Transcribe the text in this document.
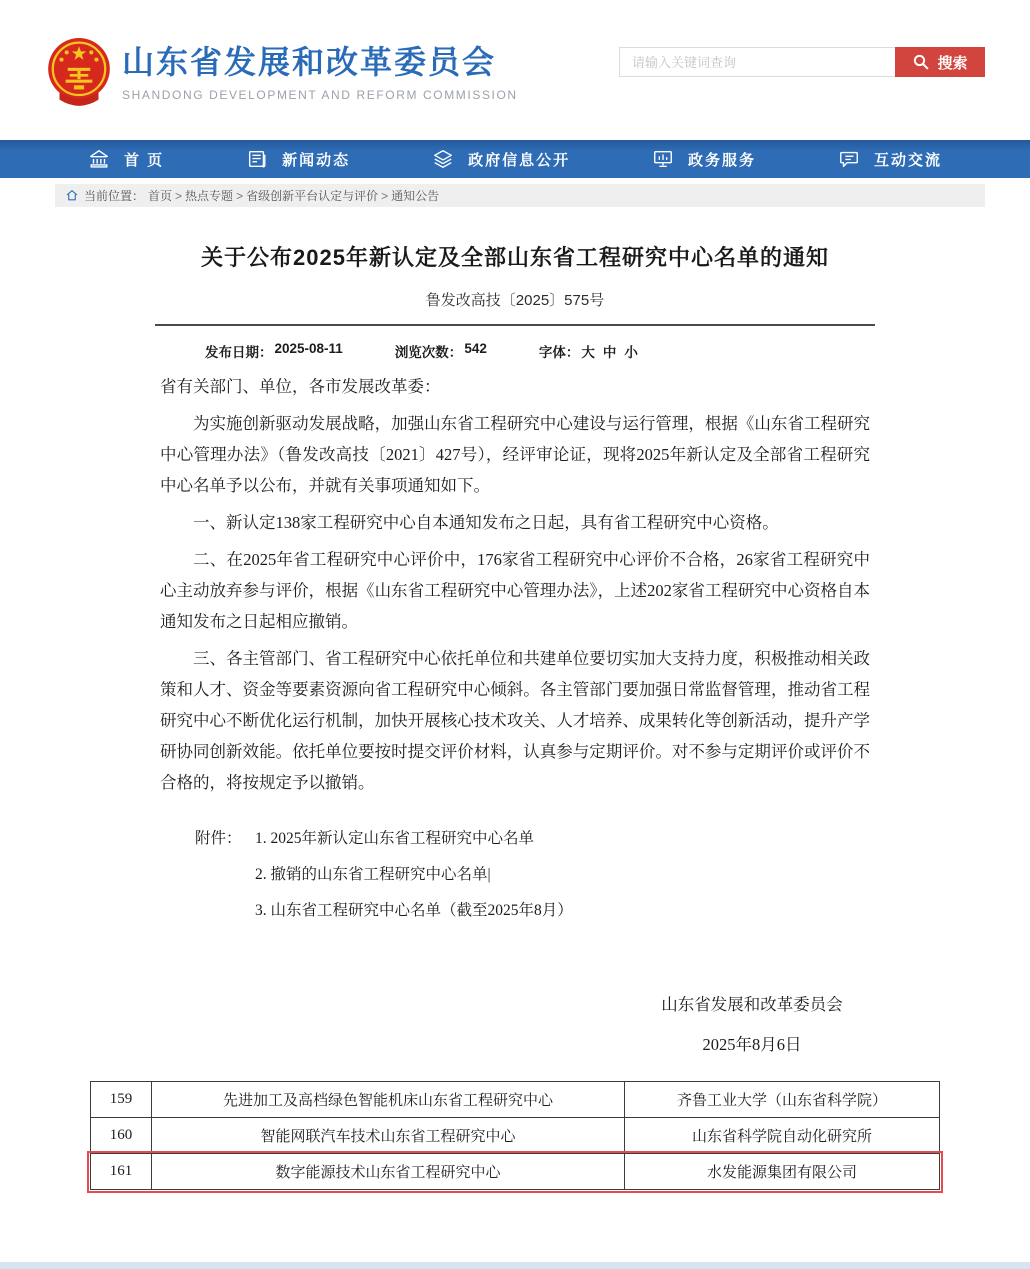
山东省发展和改革委员会
SHANDONG DEVELOPMENT AND REFORM COMMISSION
请输入关键词查询
搜索
首 页	新闻动态	政府信息公开	政务服务	互动交流
当前位置： 首页 > 热点专题 > 省级创新平台认定与评价 > 通知公告
关于公布2025年新认定及全部山东省工程研究中心名单的通知
鲁发改高技〔2025〕575号
发布日期： 2025-08-11	浏览次数： 542	字体： 大 中 小

省有关部门、单位，各市发展改革委：

为实施创新驱动发展战略，加强山东省工程研究中心建设与运行管理，根据《山东省工程研究中心管理办法》（鲁发改高技〔2021〕427号），经评审论证，现将2025年新认定及全部省工程研究中心名单予以公布，并就有关事项通知如下。

一、新认定138家工程研究中心自本通知发布之日起，具有省工程研究中心资格。

二、在2025年省工程研究中心评价中，176家省工程研究中心评价不合格，26家省工程研究中心主动放弃参与评价，根据《山东省工程研究中心管理办法》，上述202家省工程研究中心资格自本通知发布之日起相应撤销。

三、各主管部门、省工程研究中心依托单位和共建单位要切实加大支持力度，积极推动相关政策和人才、资金等要素资源向省工程研究中心倾斜。各主管部门要加强日常监督管理，推动省工程研究中心不断优化运行机制，加快开展核心技术攻关、人才培养、成果转化等创新活动，提升产学研协同创新效能。依托单位要按时提交评价材料，认真参与定期评价。对不参与定期评价或评价不合格的，将按规定予以撤销。

附件： 1. 2025年新认定山东省工程研究中心名单
2. 撤销的山东省工程研究中心名单|
3. 山东省工程研究中心名单（截至2025年8月）
山东省发展和改革委员会
2025年8月6日
159	先进加工及高档绿色智能机床山东省工程研究中心	齐鲁工业大学（山东省科学院）
160	智能网联汽车技术山东省工程研究中心	山东省科学院自动化研究所
161	数字能源技术山东省工程研究中心	水发能源集团有限公司
